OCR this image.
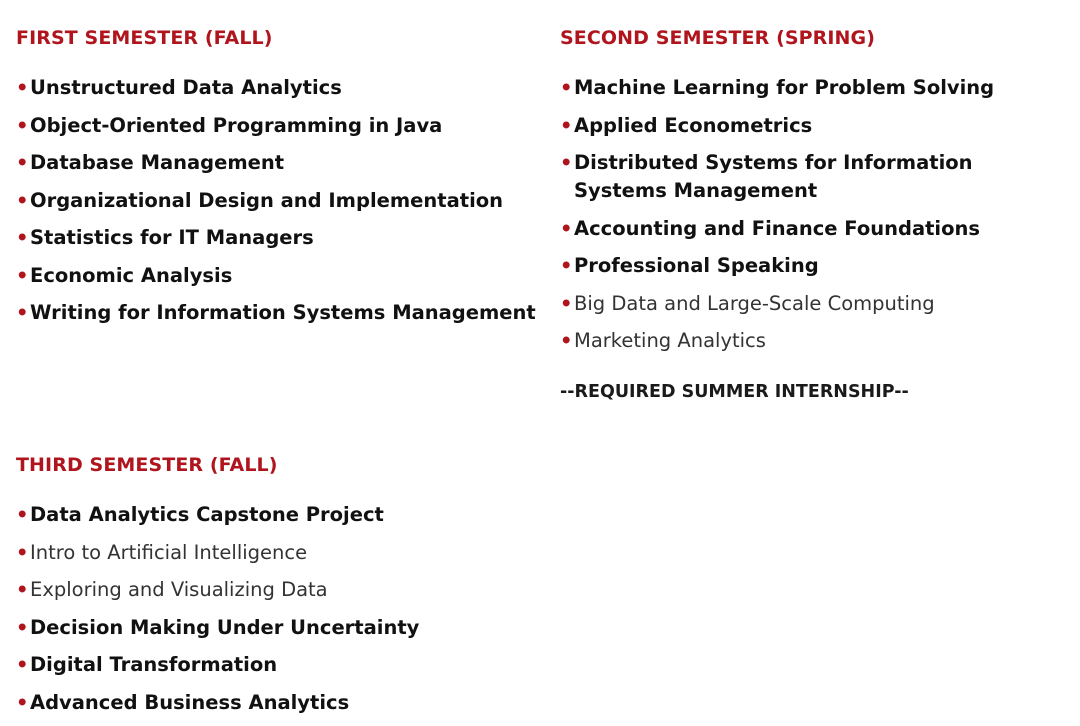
FIRST SEMESTER (FALL)
• Unstructured Data Analytics
• Object-Oriented Programming in Java
• Database Management
• Organizational Design and Implementation
• Statistics for IT Managers
• Economic Analysis
• Writing for Information Systems Management
SECOND SEMESTER (SPRING)
• Machine Learning for Problem Solving
• Applied Econometrics
• Distributed Systems for Information Systems Management
• Accounting and Finance Foundations
• Professional Speaking
• Big Data and Large-Scale Computing
• Marketing Analytics
--REQUIRED SUMMER INTERNSHIP--
THIRD SEMESTER (FALL)
• Data Analytics Capstone Project
• Intro to Artificial Intelligence
• Exploring and Visualizing Data
• Decision Making Under Uncertainty
• Digital Transformation
• Advanced Business Analytics
